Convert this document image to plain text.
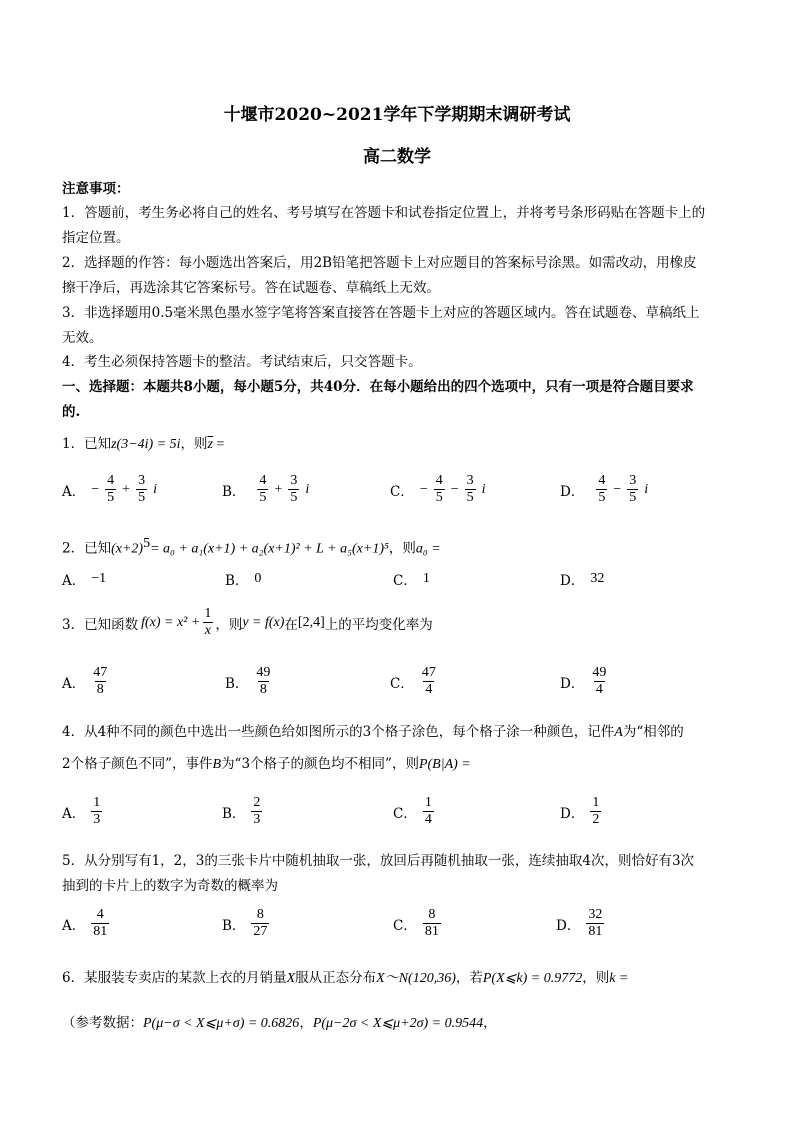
十堰市2020~2021学年下学期期末调研考试
高二数学
注意事项：
1．答题前，考生务必将自己的姓名、考号填写在答题卡和试卷指定位置上，并将考号条形码贴在答题卡上的
指定位置。
2．选择题的作答：每小题选出答案后，用2B铅笔把答题卡上对应题目的答案标号涂黑。如需改动，用橡皮
擦干净后，再选涂其它答案标号。答在试题卷、草稿纸上无效。
3．非选择题用0.5毫米黑色墨水签字笔将答案直接答在答题卡上对应的答题区域内。答在试题卷、草稿纸上
无效。
4．考生必须保持答题卡的整洁。考试结束后，只交答题卡。
一、选择题：本题共8小题，每小题5分，共40分．在每小题给出的四个选项中，只有一项是符合题目要求
的.
1．已知z(3−4i) = 5i，则$\overline{z}$ =
A． − $\frac{4}{5} + \frac{3}{5}$ i	B． $\frac{4}{5} + \frac{3}{5}$ i	C． − $\frac{4}{5} - \frac{3}{5}$ i	D． $\frac{4}{5} - \frac{3}{5}$ i
2．已知$(x+2)^5= a_0 + a_1(x+1) + a_2(x+1)^2 + L + a_5(x+1)^5$，则a₀ =
A． −1	B． 0	C． 1	D． 32
3．已知函数 $f(x) = x^2 + \frac{1}{x}$ ，则 y = f(x) 在 [2,4] 上的平均变化率为
A． $\frac{47}{8}$	B． $\frac{49}{8}$	C． $\frac{47}{4}$	D． $\frac{49}{4}$
4．从4种不同的颜色中选出一些颜色给如图所示的3个格子涂色，每个格子涂一种颜色，记件A为“相邻的
2个格子颜色不同”，事件B为“3个格子的颜色均不相同”，则P(B|A) =
A． $\frac{1}{3}$	B． $\frac{2}{3}$	C． $\frac{1}{4}$	D． $\frac{1}{2}$
5．从分别写有1，2，3的三张卡片中随机抽取一张，放回后再随机抽取一张，连续抽取4次，则恰好有3次
抽到的卡片上的数字为奇数的概率为
A． $\frac{4}{81}$	B． $\frac{8}{27}$	C． $\frac{8}{81}$	D． $\frac{32}{81}$
6．某服装专卖店的某款上衣的月销量X服从正态分布X～N(120,36)，若P(X⩽k) = 0.9772，则k =
（参考数据：P(μ−σ < X⩽μ+σ) = 0.6826，P(μ−2σ < X⩽μ+2σ) = 0.9544，
